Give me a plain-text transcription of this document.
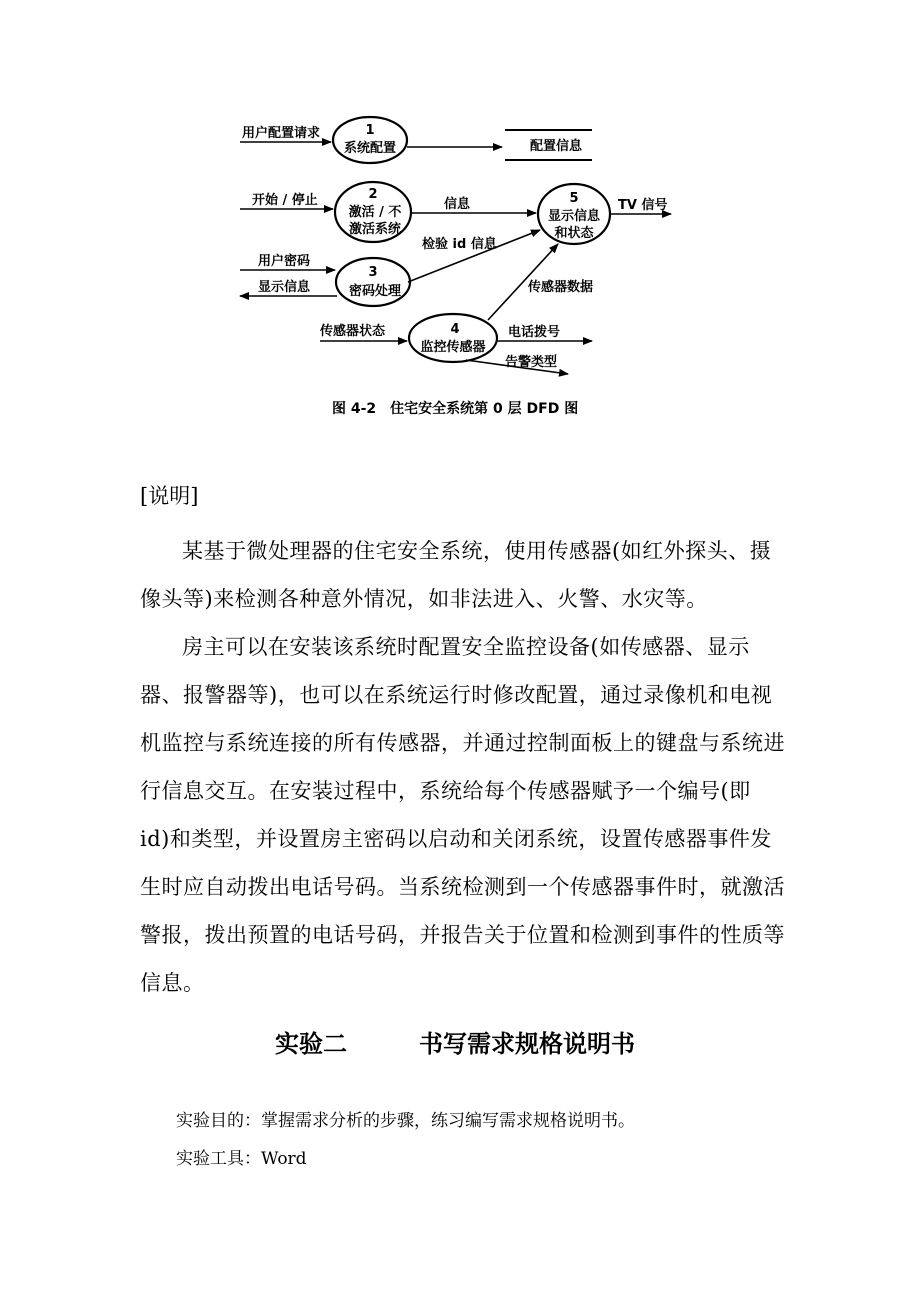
1
系统配置
2
激活 / 不
激活系统
3
密码处理
4
监控传感器
5
显示信息
和状态
配置信息
用户配置请求
开始 / 停止	信息
检验 id 信息
用户密码
显示信息	传感器数据
传感器状态	电话拨号
告警类型
TV 信号
图 4-2　住宅安全系统第 0 层 DFD 图

[说明]

某基于微处理器的住宅安全系统，使用传感器(如红外探头、摄像头等)来检测各种意外情况，如非法进入、火警、水灾等。

房主可以在安装该系统时配置安全监控设备(如传感器、显示器、报警器等)，也可以在系统运行时修改配置，通过录像机和电视机监控与系统连接的所有传感器，并通过控制面板上的键盘与系统进行信息交互。在安装过程中，系统给每个传感器赋予一个编号(即 id)和类型，并设置房主密码以启动和关闭系统，设置传感器事件发生时应自动拨出电话号码。当系统检测到一个传感器事件时，就激活警报，拨出预置的电话号码，并报告关于位置和检测到事件的性质等信息。

实验二　　　书写需求规格说明书

实验目的：掌握需求分析的步骤，练习编写需求规格说明书。

实验工具：Word
